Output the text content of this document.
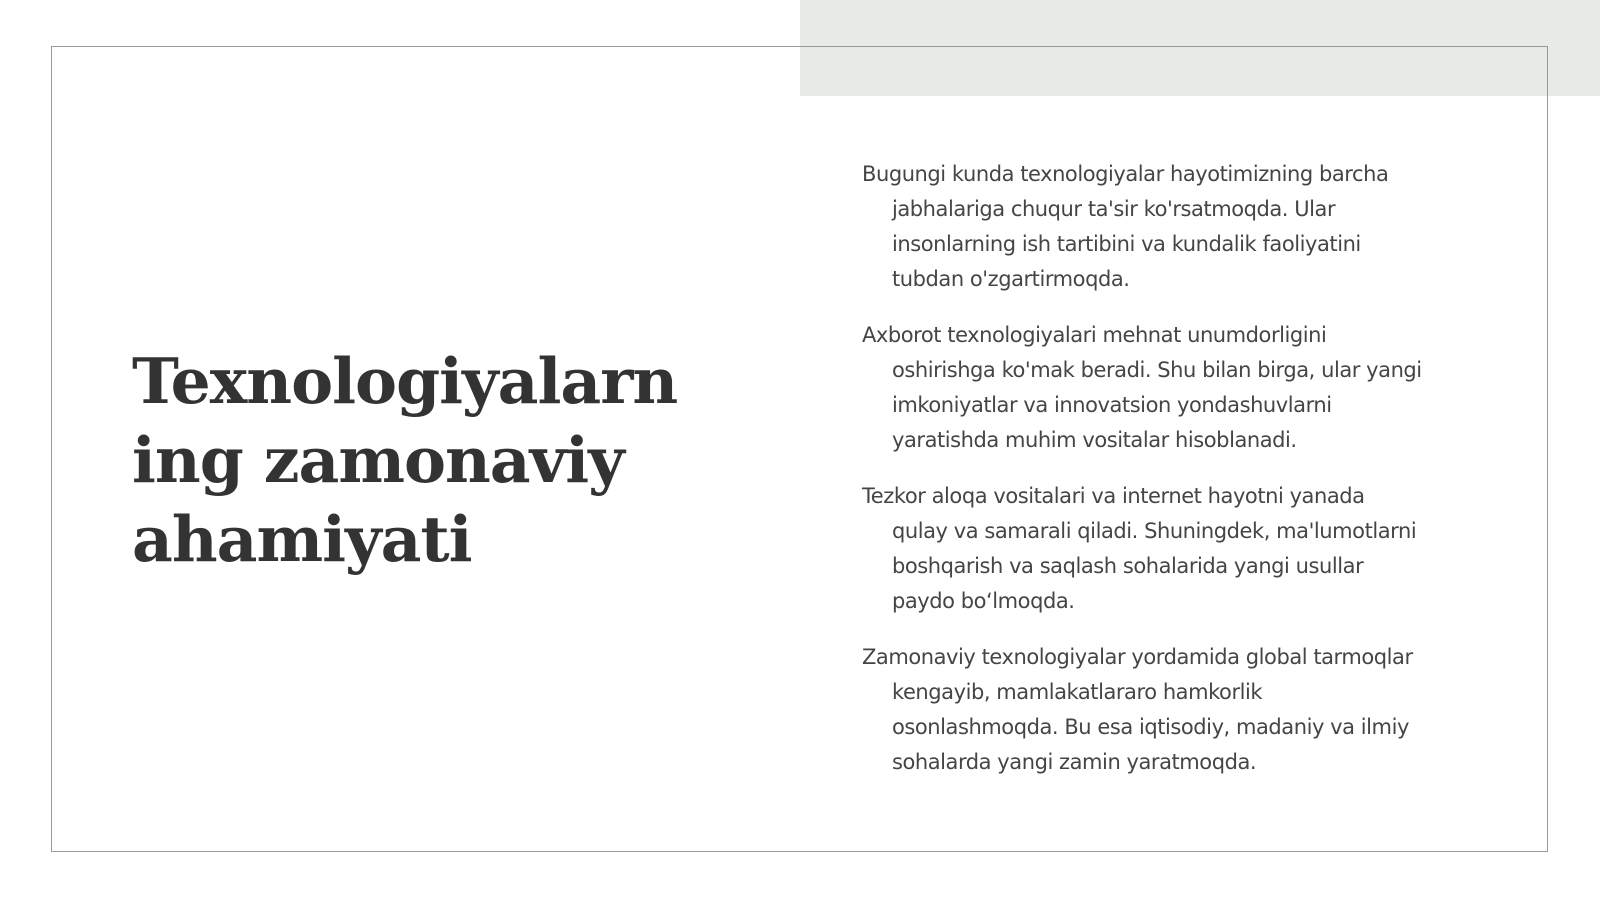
Texnologiyalarn
ing zamonaviy
ahamiyati

Bugungi kunda texnologiyalar hayotimizning barcha
jabhalariga chuqur ta'sir ko'rsatmoqda. Ular
insonlarning ish tartibini va kundalik faoliyatini
tubdan o'zgartirmoqda.

Axborot texnologiyalari mehnat unumdorligini
oshirishga ko'mak beradi. Shu bilan birga, ular yangi
imkoniyatlar va innovatsion yondashuvlarni
yaratishda muhim vositalar hisoblanadi.

Tezkor aloqa vositalari va internet hayotni yanada
qulay va samarali qiladi. Shuningdek, ma'lumotlarni
boshqarish va saqlash sohalarida yangi usullar
paydo bo‘lmoqda.

Zamonaviy texnologiyalar yordamida global tarmoqlar
kengayib, mamlakatlararo hamkorlik
osonlashmoqda. Bu esa iqtisodiy, madaniy va ilmiy
sohalarda yangi zamin yaratmoqda.
